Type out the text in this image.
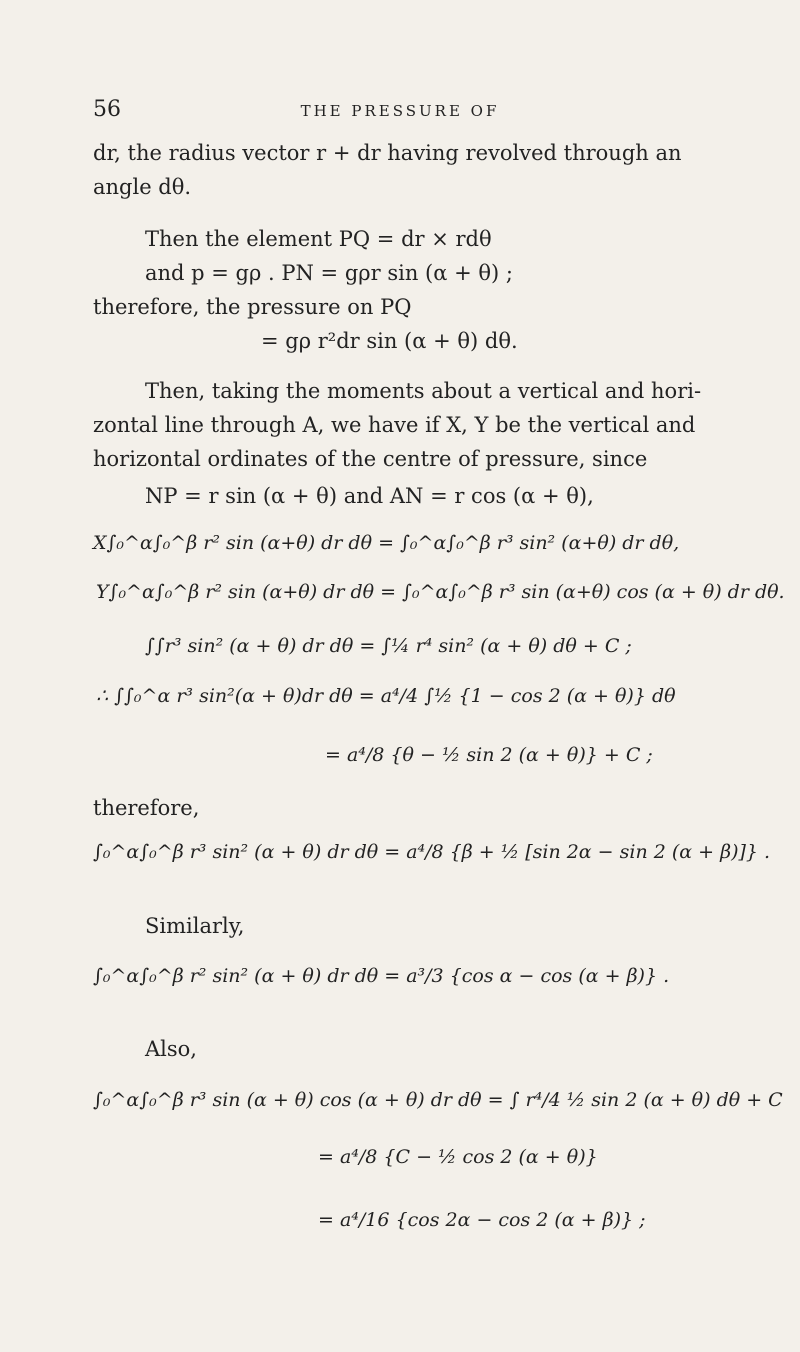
56	THE PRESSURE OF
dr, the radius vector r + dr having revolved through an
angle dθ.
Then the element PQ = dr × rdθ
and p = gρ . PN = gρr sin (α + θ) ;
therefore, the pressure on PQ
= gρ r²dr sin (α + θ) dθ.
Then, taking the moments about a vertical and hori-
zontal line through A, we have if X, Y be the vertical and
horizontal ordinates of the centre of pressure, since
NP = r sin (α + θ) and AN = r cos (α + θ),
X∫₀^α∫₀^β r² sin (α+θ) dr dθ = ∫₀^α∫₀^β r³ sin² (α+θ) dr dθ,
Y∫₀^α∫₀^β r² sin (α+θ) dr dθ = ∫₀^α∫₀^β r³ sin (α+θ) cos (α + θ) dr dθ.
∫∫r³ sin² (α + θ) dr dθ = ∫¼ r⁴ sin² (α + θ) dθ + C ;
∴ ∫∫₀^α r³ sin²(α + θ)dr dθ = a⁴/4 ∫½ {1 − cos 2 (α + θ)} dθ
= a⁴/8 {θ − ½ sin 2 (α + θ)} + C ;
therefore,
∫₀^α∫₀^β r³ sin² (α + θ) dr dθ = a⁴/8 {β + ½ [sin 2α − sin 2 (α + β)]} .
Similarly,
∫₀^α∫₀^β r² sin² (α + θ) dr dθ = a³/3 {cos α − cos (α + β)} .
Also,
∫₀^α∫₀^β r³ sin (α + θ) cos (α + θ) dr dθ = ∫ r⁴/4 ½ sin 2 (α + θ) dθ + C
= a⁴/8 {C − ½ cos 2 (α + θ)}
= a⁴/16 {cos 2α − cos 2 (α + β)} ;
